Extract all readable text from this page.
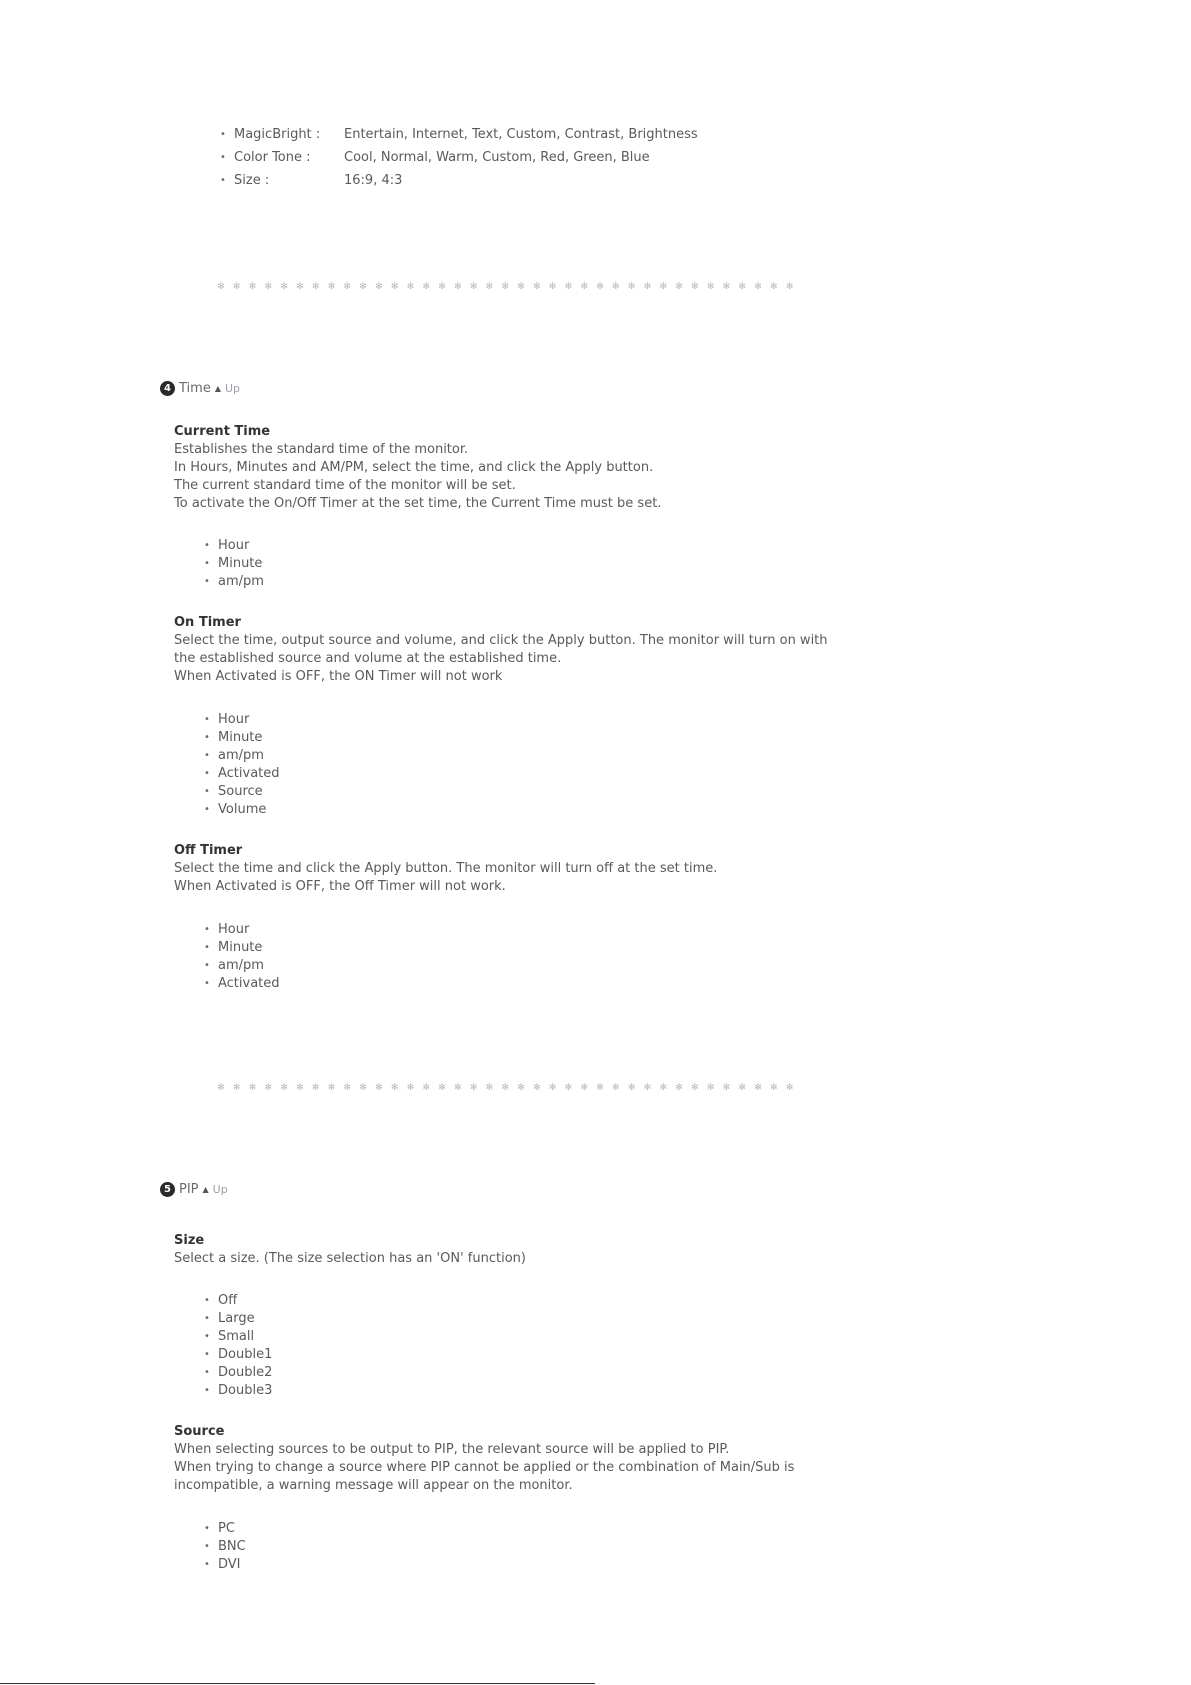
• MagicBright : Entertain, Internet, Text, Custom, Contrast, Brightness
• Color Tone :	Cool, Normal, Warm, Custom, Red, Green, Blue
• Size :	16:9, 4:3
✻ ✻ ✻ ✻ ✻ ✻ ✻ ✻ ✻ ✻ ✻ ✻ ✻ ✻ ✻ ✻ ✻ ✻ ✻ ✻ ✻ ✻ ✻ ✻ ✻ ✻ ✻ ✻ ✻ ✻ ✻ ✻ ✻ ✻ ✻ ✻ ✻
4 Time ▲ Up
Current Time

Establishes the standard time of the monitor.

In Hours, Minutes and AM/PM, select the time, and click the Apply button.

The current standard time of the monitor will be set.

To activate the On/Off Timer at the set time, the Current Time must be set.

• Hour
• Minute
• am/pm
On Timer

Select the time, output source and volume, and click the Apply button. The monitor will turn on with

the established source and volume at the established time.

When Activated is OFF, the ON Timer will not work

• Hour
• Minute
• am/pm
• Activated
• Source
• Volume
Off Timer

Select the time and click the Apply button. The monitor will turn off at the set time.

When Activated is OFF, the Off Timer will not work.

• Hour
• Minute
• am/pm
• Activated
✻ ✻ ✻ ✻ ✻ ✻ ✻ ✻ ✻ ✻ ✻ ✻ ✻ ✻ ✻ ✻ ✻ ✻ ✻ ✻ ✻ ✻ ✻ ✻ ✻ ✻ ✻ ✻ ✻ ✻ ✻ ✻ ✻ ✻ ✻ ✻ ✻
5 PIP ▲ Up
Size

Select a size. (The size selection has an 'ON' function)

• Off
• Large
• Small
• Double1
• Double2
• Double3
Source

When selecting sources to be output to PIP, the relevant source will be applied to PIP.

When trying to change a source where PIP cannot be applied or the combination of Main/Sub is

incompatible, a warning message will appear on the monitor.

• PC
• BNC
• DVI
